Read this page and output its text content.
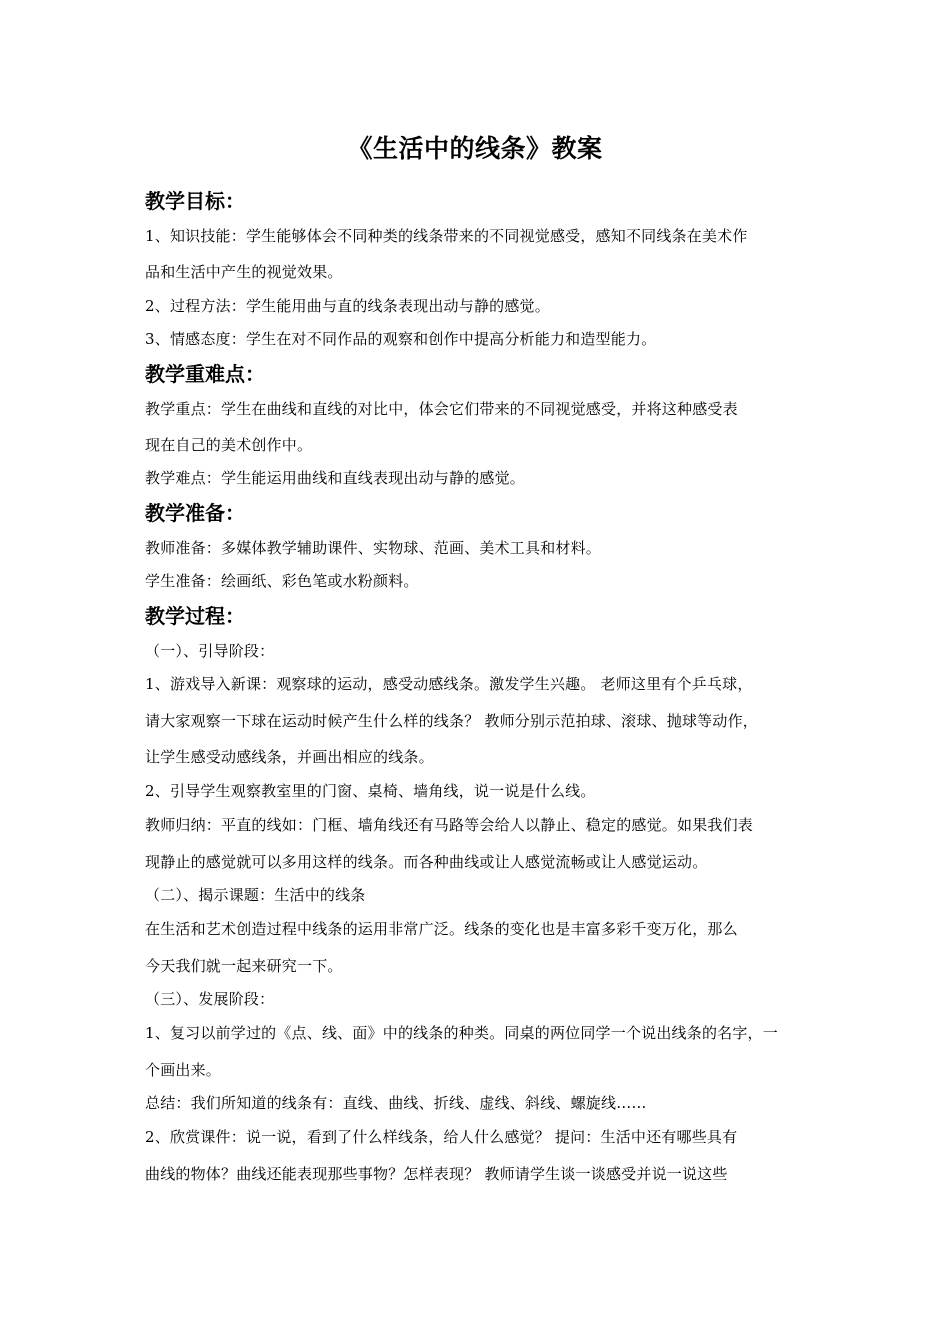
《生活中的线条》教案
教学目标：
1、知识技能：学生能够体会不同种类的线条带来的不同视觉感受，感知不同线条在美术作
品和生活中产生的视觉效果。
2、过程方法：学生能用曲与直的线条表现出动与静的感觉。
3、情感态度：学生在对不同作品的观察和创作中提高分析能力和造型能力。
教学重难点：
教学重点：学生在曲线和直线的对比中，体会它们带来的不同视觉感受，并将这种感受表
现在自己的美术创作中。
教学难点：学生能运用曲线和直线表现出动与静的感觉。
教学准备：
教师准备：多媒体教学辅助课件、实物球、范画、美术工具和材料。
学生准备：绘画纸、彩色笔或水粉颜料。
教学过程：
（一）、引导阶段：
1、游戏导入新课：观察球的运动，感受动感线条。激发学生兴趣。 老师这里有个乒乓球，
请大家观察一下球在运动时候产生什么样的线条？ 教师分别示范拍球、滚球、抛球等动作，
让学生感受动感线条，并画出相应的线条。
2、引导学生观察教室里的门窗、桌椅、墙角线，说一说是什么线。
教师归纳：平直的线如：门框、墙角线还有马路等会给人以静止、稳定的感觉。如果我们表
现静止的感觉就可以多用这样的线条。而各种曲线或让人感觉流畅或让人感觉运动。
（二）、揭示课题：生活中的线条
在生活和艺术创造过程中线条的运用非常广泛。线条的变化也是丰富多彩千变万化，那么
今天我们就一起来研究一下。
（三）、发展阶段：
1、复习以前学过的《点、线、面》中的线条的种类。同桌的两位同学一个说出线条的名字，一
个画出来。
总结：我们所知道的线条有：直线、曲线、折线、虚线、斜线、螺旋线……
2、欣赏课件：说一说，看到了什么样线条，给人什么感觉？ 提问：生活中还有哪些具有
曲线的物体？曲线还能表现那些事物？怎样表现？ 教师请学生谈一谈感受并说一说这些
